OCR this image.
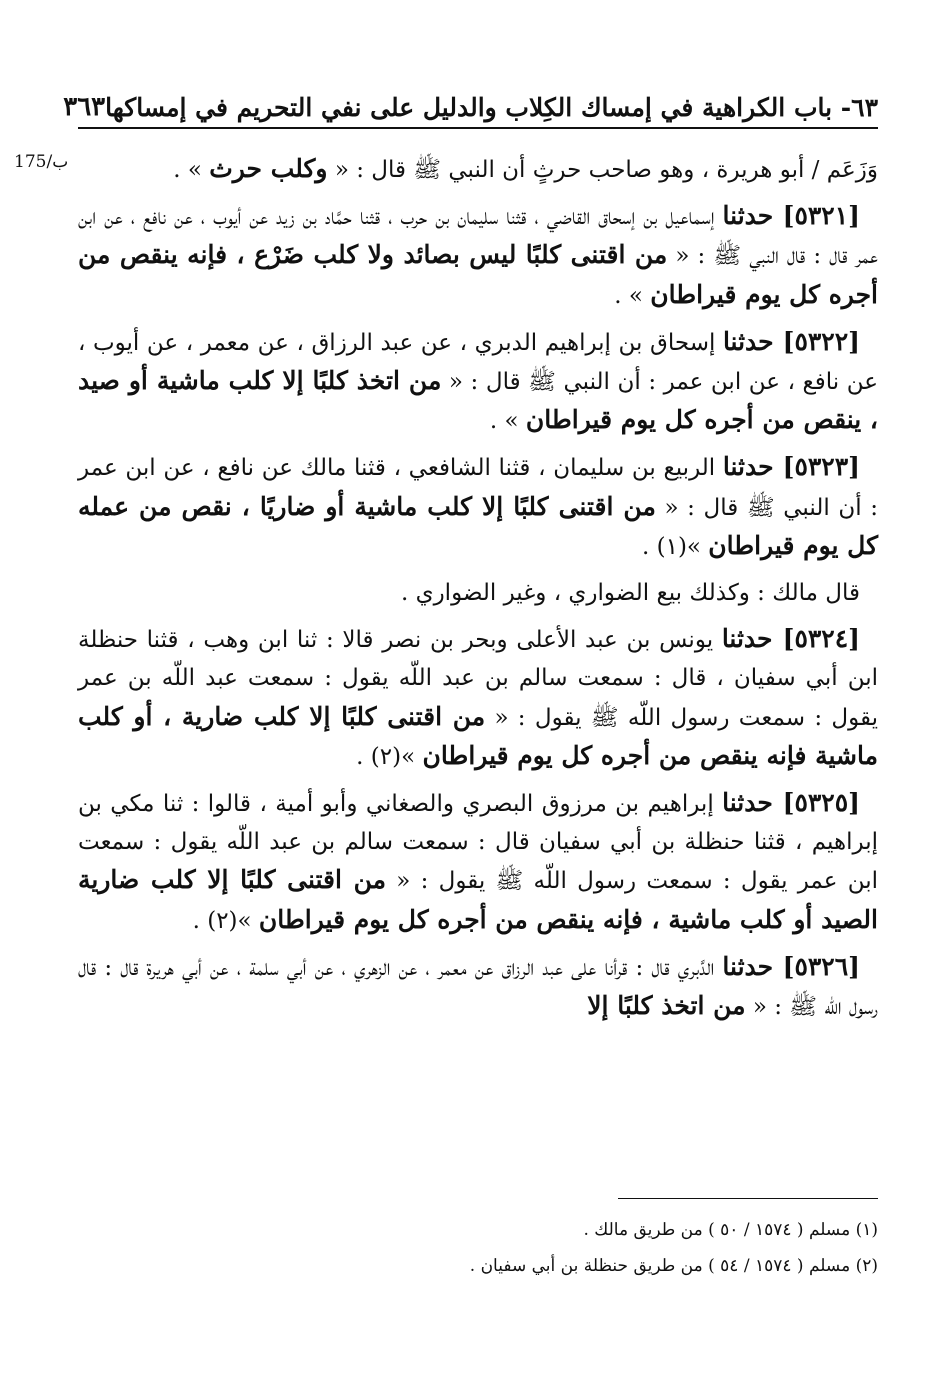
٦٣- باب الكراهية في إمساك الكِلاب والدليل على نفي التحريم في إمساكها
٣٦٣
175/ب	وَزَعَم / أبو هريرة ، وهو صاحب حرثٍ أن النبي ﷺ قال : « وكلب حرث » .

[٥٣٢١] حدثنا إسماعيل بن إسحاق القاضي ، قثنا سليمان بن حرب ، قثنا حمَّاد بن زيد عن أيوب ، عن نافع ، عن ابن عمر قال : قال النبي ﷺ : « من اقتنى كلبًا ليس بصائد ولا كلب ضَرْع ، فإنه ينقص من أجره كل يوم قيراطان » .

[٥٣٢٢] حدثنا إسحاق بن إبراهيم الدبري ، عن عبد الرزاق ، عن معمر ، عن أيوب ، عن نافع ، عن ابن عمر : أن النبي ﷺ قال : « من اتخذ كلبًا إلا كلب ماشية أو صيد ، ينقص من أجره كل يوم قيراطان » .

[٥٣٢٣] حدثنا الربيع بن سليمان ، قثنا الشافعي ، قثنا مالك عن نافع ، عن ابن عمر : أن النبي ﷺ قال : « من اقتنى كلبًا إلا كلب ماشية أو ضاريًا ، نقص من عمله كل يوم قيراطان »(١) .

قال مالك : وكذلك بيع الضواري ، وغير الضواري .

[٥٣٢٤] حدثنا يونس بن عبد الأعلى وبحر بن نصر قالا : ثنا ابن وهب ، قثنا حنظلة ابن أبي سفيان ، قال : سمعت سالم بن عبد اللّه يقول : سمعت عبد اللّه بن عمر يقول : سمعت رسول اللّه ﷺ يقول : « من اقتنى كلبًا إلا كلب ضارية ، أو كلب ماشية فإنه ينقص من أجره كل يوم قيراطان »(٢) .

[٥٣٢٥] حدثنا إبراهيم بن مرزوق البصري والصغاني وأبو أمية ، قالوا : ثنا مكي بن إبراهيم ، قثنا حنظلة بن أبي سفيان قال : سمعت سالم بن عبد اللّه يقول : سمعت ابن عمر يقول : سمعت رسول اللّه ﷺ يقول : « من اقتنى كلبًا إلا كلب ضارية الصيد أو كلب ماشية ، فإنه ينقص من أجره كل يوم قيراطان »(٢) .

[٥٣٢٦] حدثنا الدَّبري قال : قرأنا على عبد الرزاق عن معمر ، عن الزهري ، عن أبي سلمة ، عن أبي هريرة قال : قال رسول اللّه ﷺ : « من اتخذ كلبًا إلا

(١) مسلم ( ١٥٧٤ / ٥٠ ) من طريق مالك .

(٢) مسلم ( ١٥٧٤ / ٥٤ ) من طريق حنظلة بن أبي سفيان .
